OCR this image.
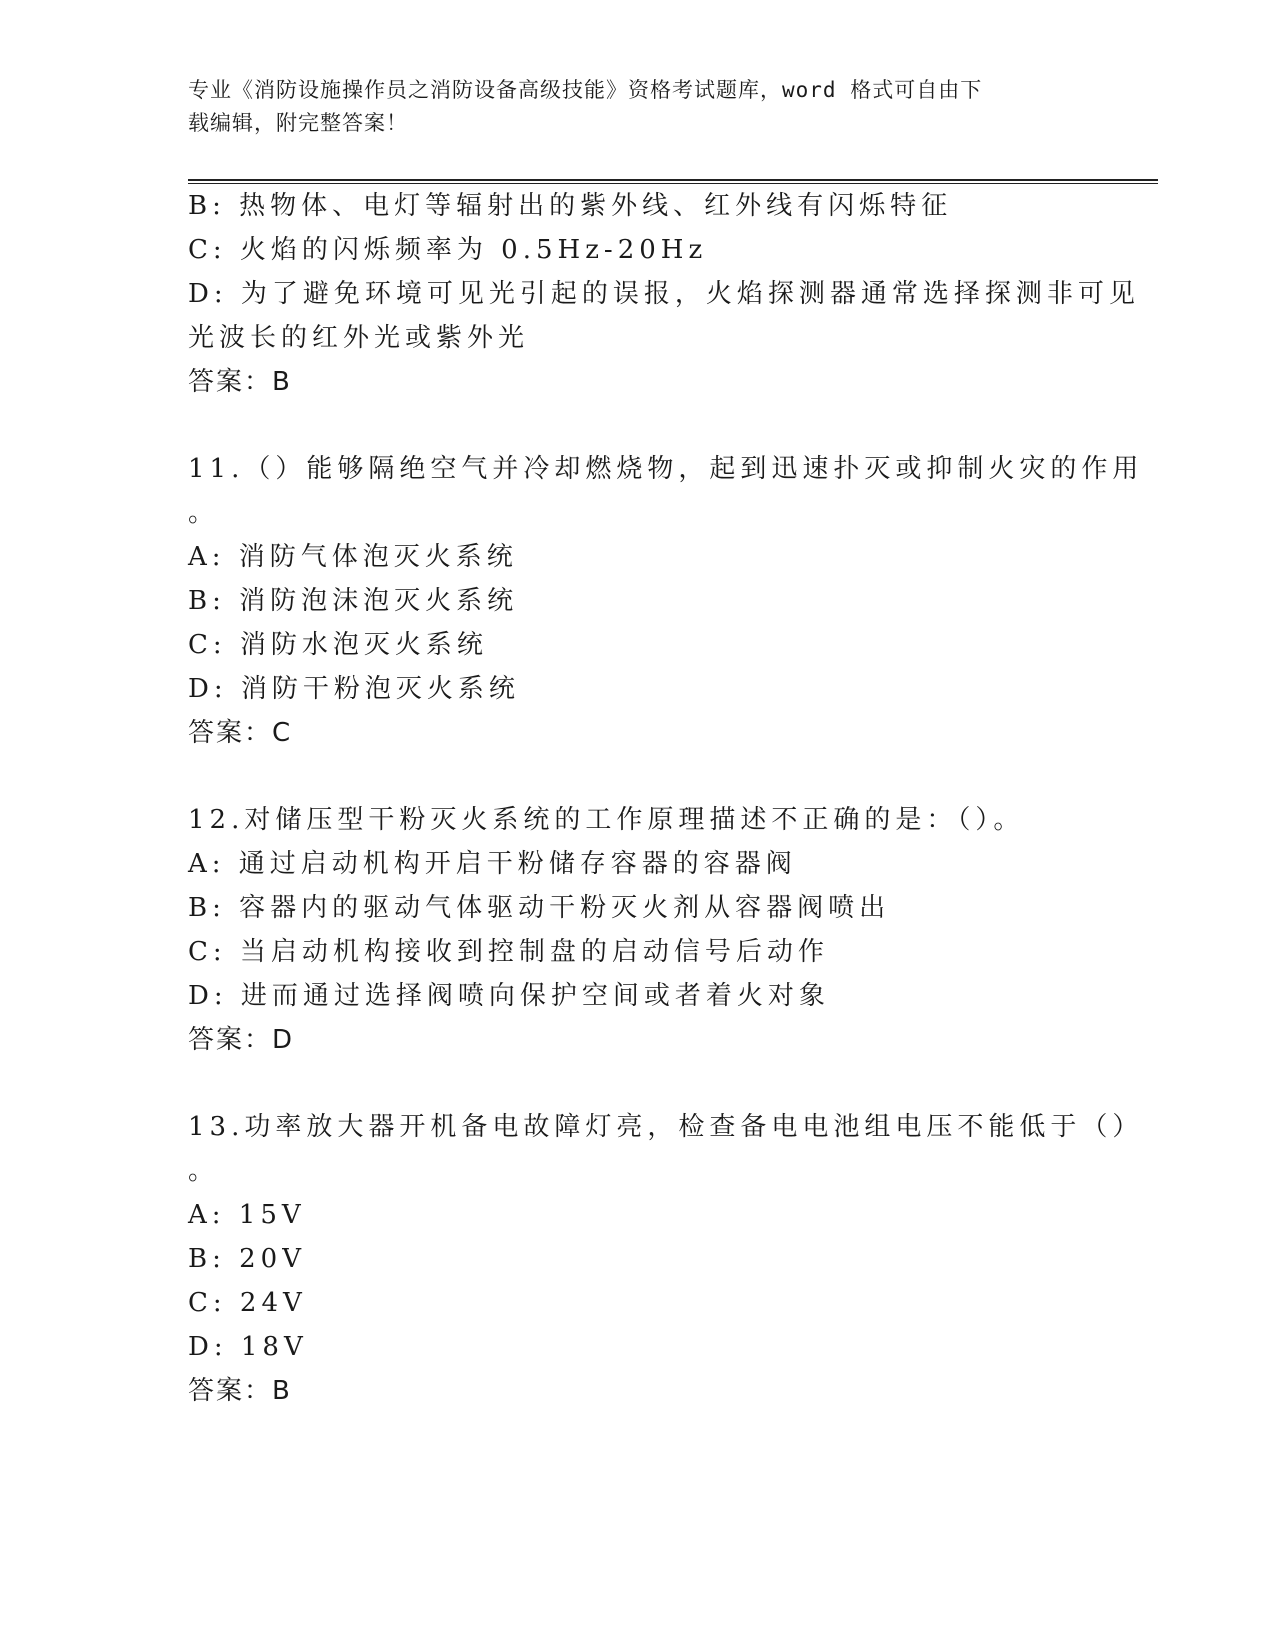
专业《消防设施操作员之消防设备高级技能》资格考试题库，word 格式可自由下
载编辑，附完整答案！
B: 热物体、电灯等辐射出的紫外线、红外线有闪烁特征
C: 火焰的闪烁频率为 0.5Hz-20Hz
D: 为了避免环境可见光引起的误报，火焰探测器通常选择探测非可见
光波长的红外光或紫外光
答案：B
11.（）能够隔绝空气并冷却燃烧物，起到迅速扑灭或抑制火灾的作用
。
A: 消防气体泡灭火系统
B: 消防泡沫泡灭火系统
C: 消防水泡灭火系统
D: 消防干粉泡灭火系统
答案：C
12.对储压型干粉灭火系统的工作原理描述不正确的是：（）。
A: 通过启动机构开启干粉储存容器的容器阀
B: 容器内的驱动气体驱动干粉灭火剂从容器阀喷出
C: 当启动机构接收到控制盘的启动信号后动作
D: 进而通过选择阀喷向保护空间或者着火对象
答案：D
13.功率放大器开机备电故障灯亮，检查备电电池组电压不能低于（）
。
A: 15V
B: 20V
C: 24V
D: 18V
答案：B
